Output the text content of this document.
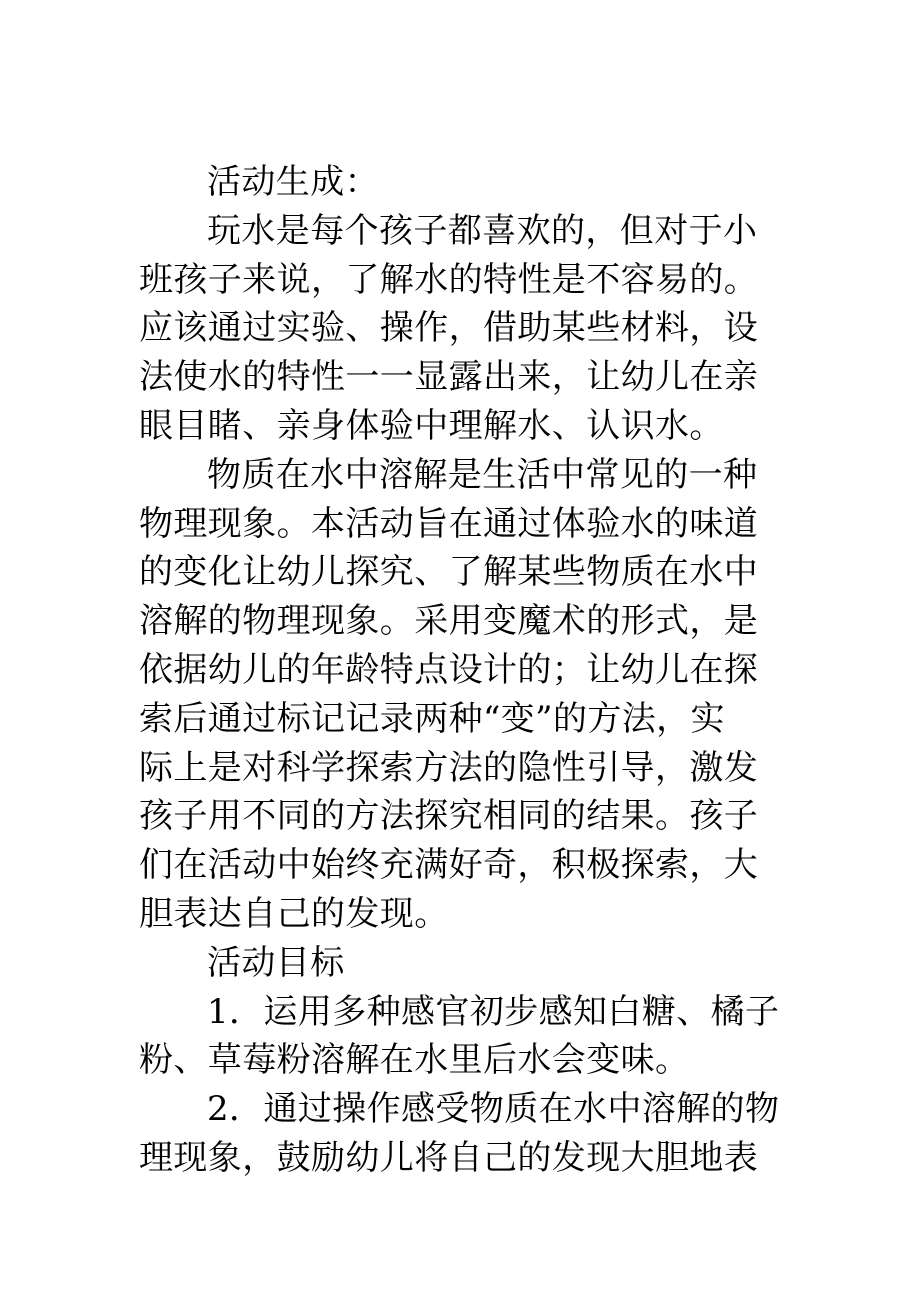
活动生成：

玩水是每个孩子都喜欢的，但对于小
班孩子来说，了解水的特性是不容易的。
应该通过实验、操作，借助某些材料，设
法使水的特性一一显露出来，让幼儿在亲
眼目睹、亲身体验中理解水、认识水。

物质在水中溶解是生活中常见的一种
物理现象。本活动旨在通过体验水的味道
的变化让幼儿探究、了解某些物质在水中
溶解的物理现象。采用变魔术的形式，是
依据幼儿的年龄特点设计的；让幼儿在探
索后通过标记记录两种“变”的方法，实
际上是对科学探索方法的隐性引导，激发
孩子用不同的方法探究相同的结果。孩子
们在活动中始终充满好奇，积极探索，大
胆表达自己的发现。

活动目标

1．运用多种感官初步感知白糖、橘子
粉、草莓粉溶解在水里后水会变味。

2．通过操作感受物质在水中溶解的物
理现象，鼓励幼儿将自己的发现大胆地表
